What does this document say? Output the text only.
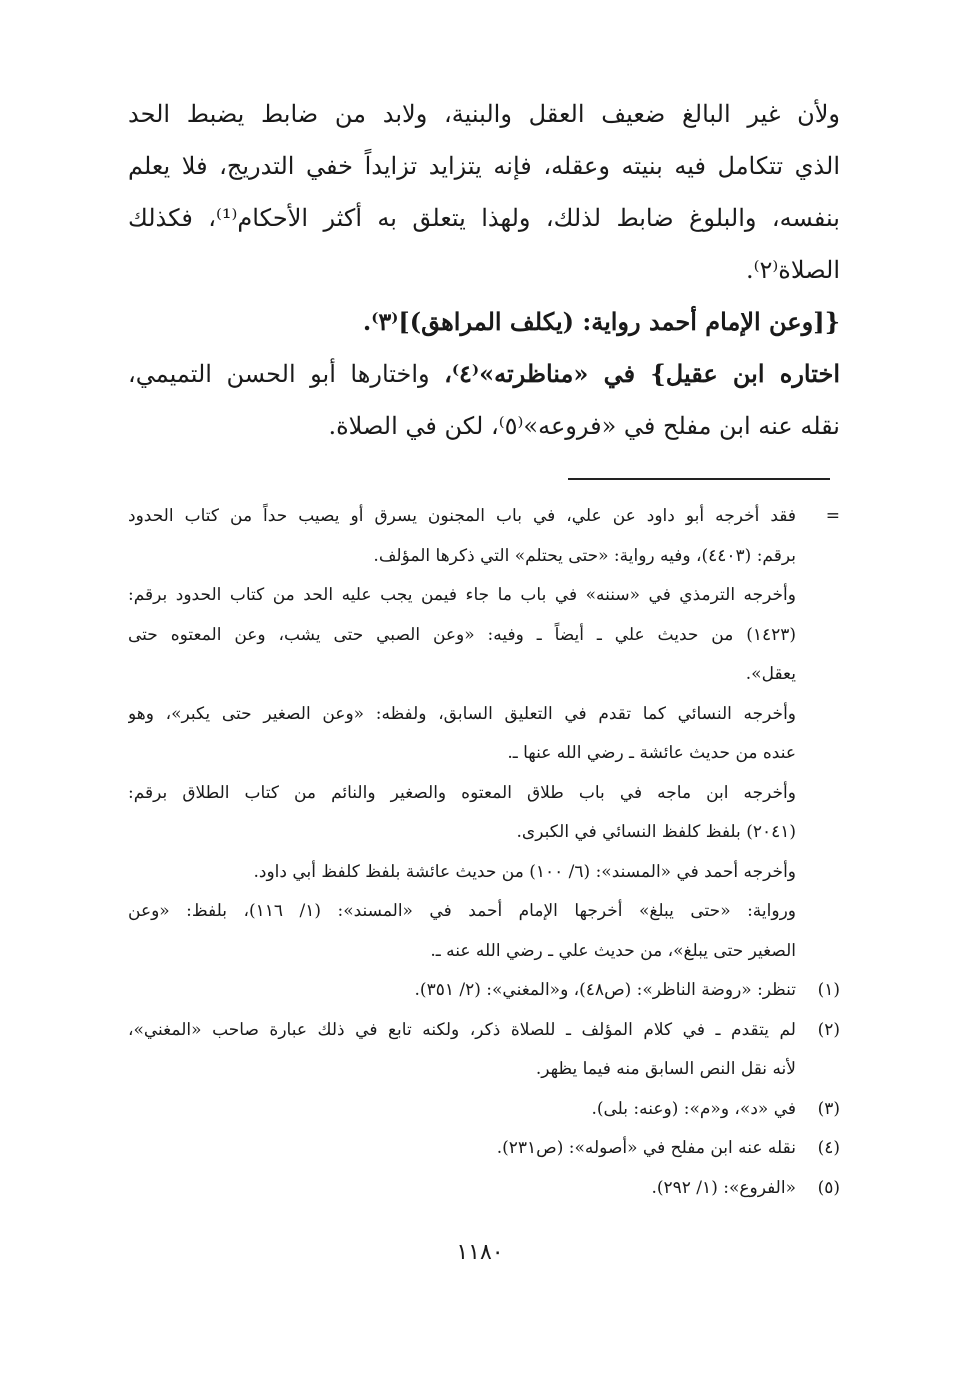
ولأن غير البالغ ضعيف العقل والبنية، ولابد من ضابط يضبط الحد
الذي تتكامل فيه بنيته وعقله، فإنه يتزايد تزايداً خفي التدريج، فلا يعلم
بنفسه، والبلوغ ضابط لذلك، ولهذا يتعلق به أكثر الأحكام⁽¹⁾، فكذلك
الصلاة⁽٢⁾.

{[وعن الإمام أحمد رواية: (يكلف المراهق)]⁽٣⁾.

اختاره ابن عقيل} في «مناظرته»⁽٤⁾، واختارها أبو الحسن التميمي،
نقله عنه ابن مفلح في «فروعه»⁽٥⁾، لكن في الصلاة.

=
فقد أخرجه أبو داود عن علي، في باب المجنون يسرق أو يصيب حداً من كتاب الحدود
برقم: (٤٤٠٣)، وفيه رواية: «حتى يحتلم» التي ذكرها المؤلف.
وأخرجه الترمذي في «سننه» في باب ما جاء فيمن يجب عليه الحد من كتاب الحدود برقم:
(١٤٢٣) من حديث علي ـ أيضاً ـ وفيه: «وعن الصبي حتى يشب، وعن المعتوه حتى
يعقل».
وأخرجه النسائي كما تقدم في التعليق السابق، ولفظه: «وعن الصغير حتى يكبر»، وهو
عنده من حديث عائشة ـ رضي الله عنها ـ.
وأخرجه ابن ماجه في باب طلاق المعتوه والصغير والنائم من كتاب الطلاق برقم:
(٢٠٤١) بلفظ كلفظ النسائي في الكبرى.
وأخرجه أحمد في «المسند»: (٦/ ١٠٠) من حديث عائشة بلفظ كلفظ أبي داود.
ورواية: «حتى يبلغ» أخرجها الإمام أحمد في «المسند»: (١/ ١١٦)، بلفظ: «وعن
الصغير حتى يبلغ»، من حديث علي ـ رضي الله عنه ـ.
(١)
تنظر: «روضة الناظر»: (ص٤٨)، و«المغني»: (٢/ ٣٥١).
(٢)
لم يتقدم ـ في كلام المؤلف ـ للصلاة ذكر، ولكنه تابع في ذلك عبارة صاحب «المغني»،
لأنه نقل النص السابق منه فيما يظهر.
(٣)
في «د»، و«م»: (وعنه: بلى).
(٤)
نقله عنه ابن مفلح في «أصوله»: (ص٢٣١).
(٥)
«الفروع»: (١/ ٢٩٢).
١١٨٠
